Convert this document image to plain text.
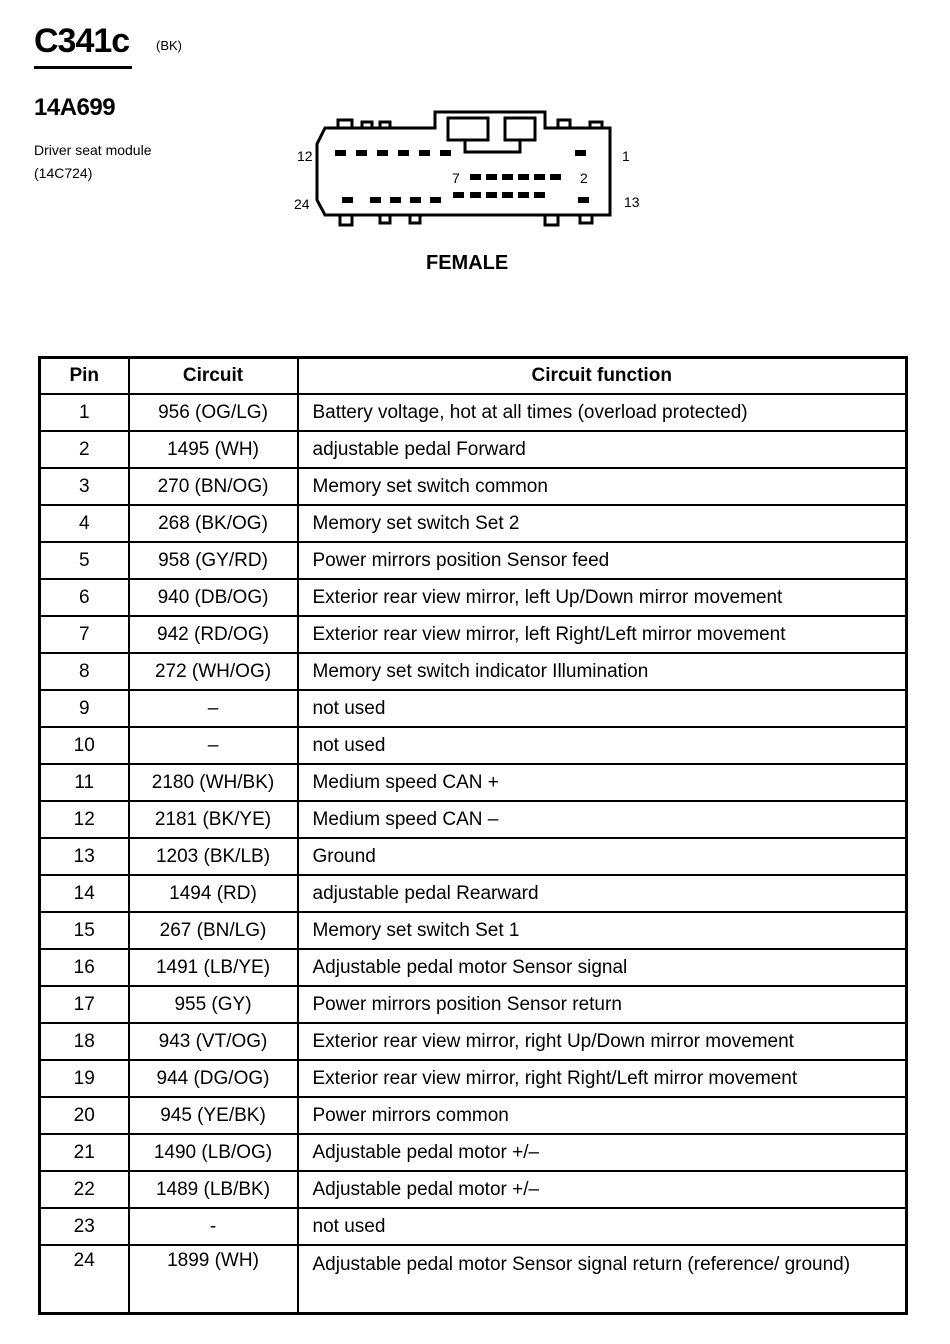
C341c (BK)
14A699
Driver seat module
(14C724)
12	1
7	2
24	13
FEMALE
Pin	Circuit	Circuit function
1	956 (OG/LG)	Battery voltage, hot at all times (overload protected)
2	1495 (WH)	adjustable pedal Forward
3	270 (BN/OG)	Memory set switch common
4	268 (BK/OG)	Memory set switch Set 2
5	958 (GY/RD)	Power mirrors position Sensor feed
6	940 (DB/OG)	Exterior rear view mirror, left Up/Down mirror movement
7	942 (RD/OG)	Exterior rear view mirror, left Right/Left mirror movement
8	272 (WH/OG)	Memory set switch indicator Illumination
9	–	not used
10	–	not used
11	2180 (WH/BK)	Medium speed CAN +
12	2181 (BK/YE)	Medium speed CAN –
13	1203 (BK/LB)	Ground
14	1494 (RD)	adjustable pedal Rearward
15	267 (BN/LG)	Memory set switch Set 1
16	1491 (LB/YE)	Adjustable pedal motor Sensor signal
17	955 (GY)	Power mirrors position Sensor return
18	943 (VT/OG)	Exterior rear view mirror, right Up/Down mirror movement
19	944 (DG/OG)	Exterior rear view mirror, right Right/Left mirror movement
20	945 (YE/BK)	Power mirrors common
21	1490 (LB/OG)	Adjustable pedal motor +/–
22	1489 (LB/BK)	Adjustable pedal motor +/–
23	-	not used
24	1899 (WH)	Adjustable pedal motor Sensor signal return (reference/ ground)
